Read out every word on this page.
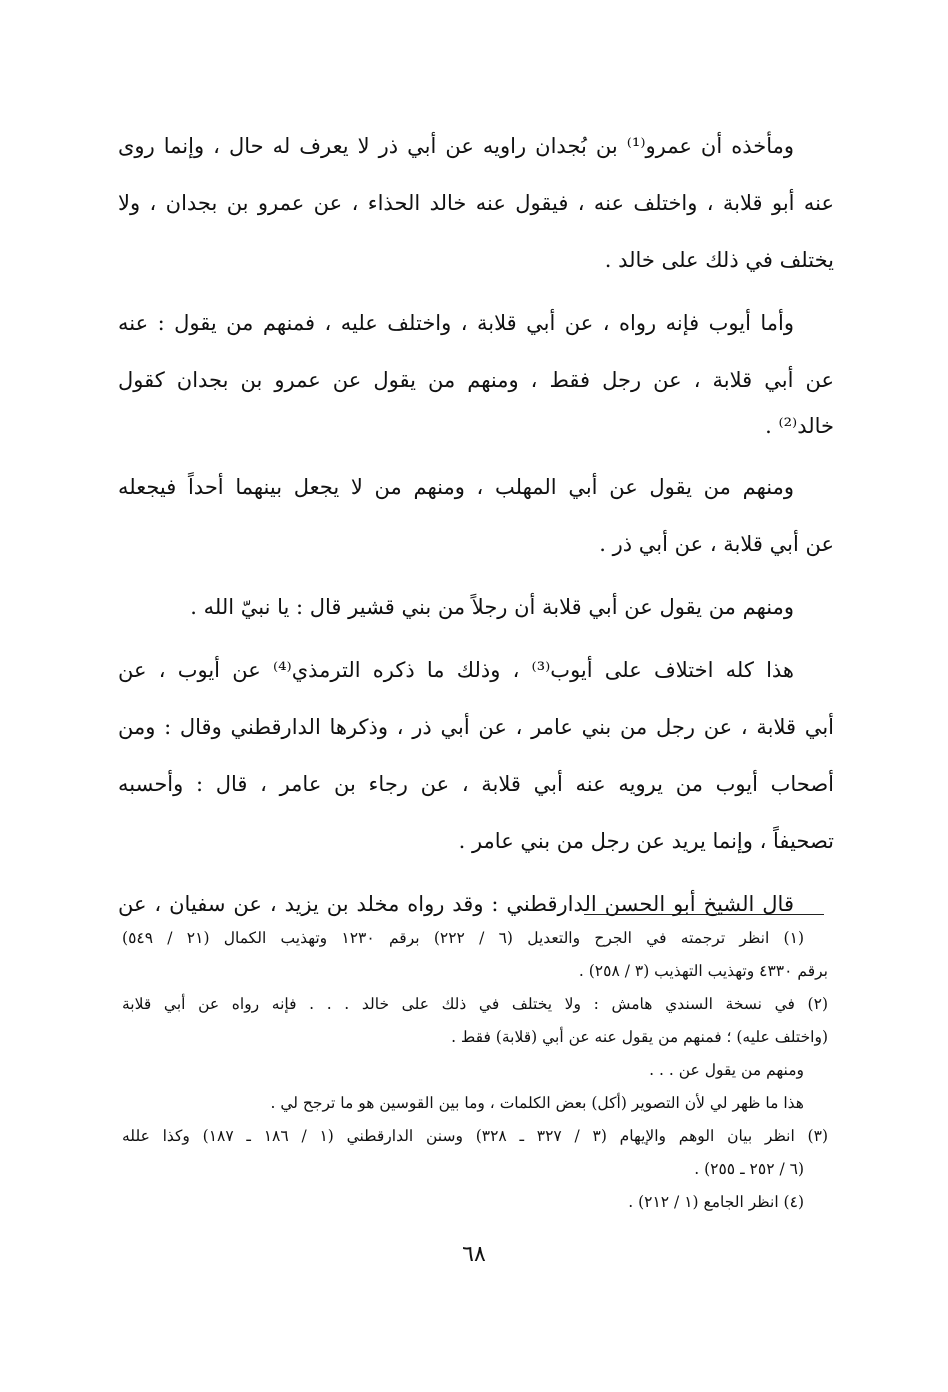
ومأخذه أن عمرو⁽¹⁾ بن بُجدان راويه عن أبي ذر لا يعرف له حال ، وإنما روى
عنه أبو قلابة ، واختلف عنه ، فيقول عنه خالد الحذاء ، عن عمرو بن بجدان ، ولا
يختلف في ذلك على خالد .
وأما أيوب فإنه رواه ، عن أبي قلابة ، واختلف عليه ، فمنهم من يقول : عنه
عن أبي قلابة ، عن رجل فقط ، ومنهم من يقول عن عمرو بن بجدان كقول
خالد⁽²⁾ .
ومنهم من يقول عن أبي المهلب ، ومنهم من لا يجعل بينهما أحداً فيجعله
عن أبي قلابة ، عن أبي ذر .
ومنهم من يقول عن أبي قلابة أن رجلاً من بني قشير قال : يا نبيّ الله .
هذا كله اختلاف على أيوب⁽³⁾ ، وذلك ما ذكره الترمذي⁽⁴⁾ عن أيوب ، عن
أبي قلابة ، عن رجل من بني عامر ، عن أبي ذر ، وذكرها الدارقطني وقال : ومن
أصحاب أيوب من يرويه عنه أبي قلابة ، عن رجاء بن عامر ، قال : وأحسبه
تصحيفاً ، وإنما يريد عن رجل من بني عامر .
قال الشيخ أبو الحسن الدارقطني : وقد رواه مخلد بن يزيد ، عن سفيان ، عن
(١) انظر ترجمته في الجرح والتعديل (٦ / ٢٢٢) برقم ١٢٣٠ وتهذيب الكمال (٢١ / ٥٤٩)
برقم ٤٣٣٠ وتهذيب التهذيب (٣ / ٢٥٨) .
(٢) في نسخة السندي هامش : ولا يختلف في ذلك على خالد . . . فإنه رواه عن أبي قلابة
(واختلف عليه) ؛ فمنهم من يقول عنه عن أبي (قلابة) فقط .
ومنهم من يقول عن . . .
هذا ما ظهر لي لأن التصوير (أكل) بعض الكلمات ، وما بين القوسين هو ما ترجح لي .
(٣) انظر بيان الوهم والإيهام (٣ / ٣٢٧ ـ ٣٢٨) وسنن الدارقطني (١ / ١٨٦ ـ ١٨٧) وكذا علله
(٦ / ٢٥٢ ـ ٢٥٥) .
(٤) انظر الجامع (١ / ٢١٢) .
٦٨
